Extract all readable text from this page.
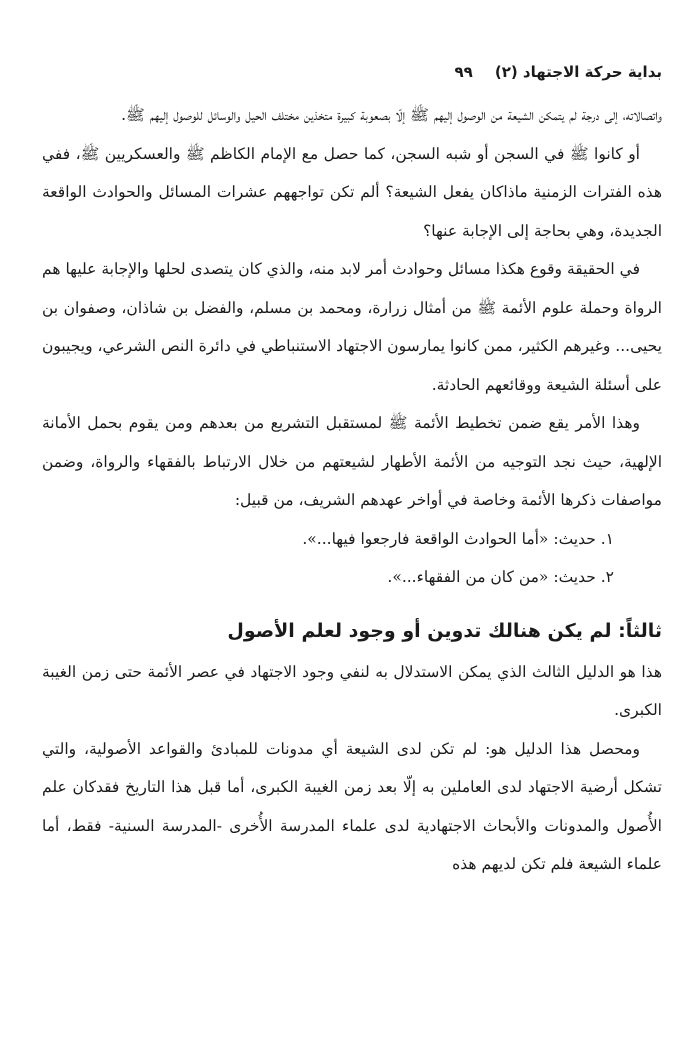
بداية حركة الاجتهاد (٢)
٩٩

واتصالاته، إلى درجة لم يتمكن الشيعة من الوصول إليهم ﷺ إلّا بصعوبة كبيرة متخذين مختلف الحيل والوسائل للوصول إليهم ﷺ.

أو كانوا ﷺ في السجن أو شبه السجن، كما حصل مع الإمام الكاظم ﷺ والعسكريين ﷺ، ففي هذه الفترات الزمنية ماذاكان يفعل الشيعة؟ ألم تكن تواجههم عشرات المسائل والحوادث الواقعة الجديدة، وهي بحاجة إلى الإجابة عنها؟

في الحقيقة وقوع هكذا مسائل وحوادث أمر لابد منه، والذي كان يتصدى لحلها والإجابة عليها هم الرواة وحملة علوم الأئمة ﷺ من أمثال زرارة، ومحمد بن مسلم، والفضل بن شاذان، وصفوان بن يحيى... وغيرهم الكثير، ممن كانوا يمارسون الاجتهاد الاستنباطي في دائرة النص الشرعي، ويجيبون على أسئلة الشيعة ووقائعهم الحادثة.

وهذا الأمر يقع ضمن تخطيط الأئمة ﷺ لمستقبل التشريع من بعدهم ومن يقوم بحمل الأمانة الإلهية، حيث نجد التوجيه من الأئمة الأطهار لشيعتهم من خلال الارتباط بالفقهاء والرواة، وضمن مواصفات ذكرها الأئمة وخاصة في أواخر عهدهم الشريف، من قبيل:

١. حديث: «أما الحوادث الواقعة فارجعوا فيها...».

٢. حديث: «من كان من الفقهاء...».

ثالثاً: لم يكن هنالك تدوين أو وجود لعلم الأصول

هذا هو الدليل الثالث الذي يمكن الاستدلال به لنفي وجود الاجتهاد في عصر الأئمة حتى زمن الغيبة الكبرى.

ومحصل هذا الدليل هو: لم تكن لدى الشيعة أي مدونات للمبادئ والقواعد الأصولية، والتي تشكل أرضية الاجتهاد لدى العاملين به إلّا بعد زمن الغيبة الكبرى، أما قبل هذا التاريخ فقدكان علم الأُصول والمدونات والأبحاث الاجتهادية لدى علماء المدرسة الأُخرى -المدرسة السنية- فقط، أما علماء الشيعة فلم تكن لديهم هذه
